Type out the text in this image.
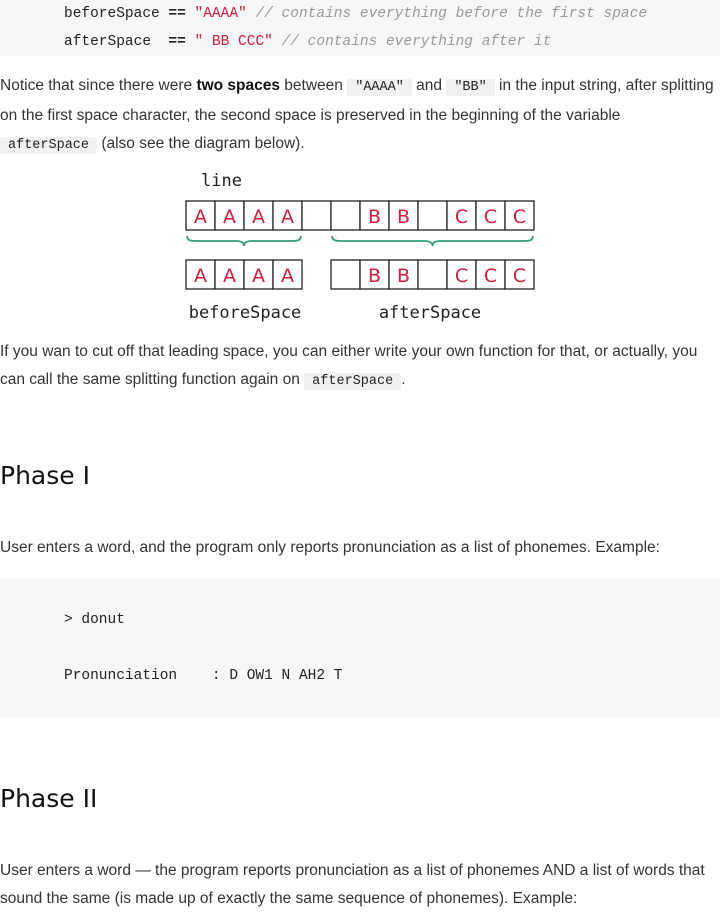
beforeSpace == "AAAA" // contains everything before the first space
afterSpace == " BB CCC" // contains everything after it

Notice that since there were two spaces between "AAAA" and "BB" in the input string, after splitting on the first space character, the second space is preserved in the beginning of the variable afterSpace (also see the diagram below).

line
A A A A	B B C C C
A A A A	B B C C C
beforeSpace	afterSpace

If you wan to cut off that leading space, you can either write your own function for that, or actually, you can call the same splitting function again on afterSpace .

Phase I

User enters a word, and the program only reports pronunciation as a list of phonemes. Example:

> donut
Pronunciation    : D OW1 N AH2 T
Phase II

User enters a word — the program reports pronunciation as a list of phonemes AND a list of words that sound the same (is made up of exactly the same sequence of phonemes). Example:
